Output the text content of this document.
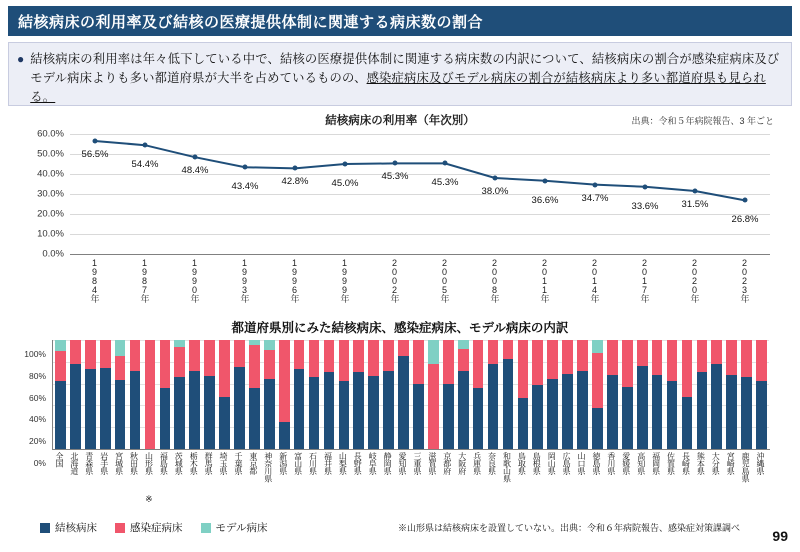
結核病床の利用率及び結核の医療提供体制に関連する病床数の割合
● 結核病床の利用率は年々低下している中で、結核の医療提供体制に関連する病床数の内訳について、結核病床の割合が感染症病床及びモデル病床よりも多い都道府県が大半を占めているものの、感染症病床及びモデル病床の割合が結核病床より多い都道府県も見られる。
結核病床の利用率（年次別）	出典：令和５年病院報告、3 年ごと
0.0%
10.0%
20.0%
30.0%
40.0%
50.0%
60.0%
56.5%
54.4%
48.4%
43.4% 42.8% 45.0%
45.3%
45.3%
38.0%
36.6% 34.7%
33.6% 31.5%
26.8%
1984年	1987年	1990年	1993年	1996年	1999年	2002年	2005年	2008年	2011年	2014年	2017年	2020年	2023年
都道府県別にみた結核病床、感染症病床、モデル病床の内訳
0%
20%
40%
60%
80%
100%
全国 北海道 青森県 岩手県 宮城県 秋田県 山形県
※
福島県 茨城県 栃木県 群馬県 埼玉県 千葉県 東京都 神奈川県 新潟県 富山県 石川県 福井県 山梨県 長野県 岐阜県 静岡県 愛知県 三重県 滋賀県 京都府 大阪府 兵庫県 奈良県 和歌山県 鳥取県 島根県 岡山県 広島県 山口県 徳島県 香川県 愛媛県 高知県 福岡県 佐賀県 長崎県 熊本県 大分県 宮崎県 鹿児島県 沖縄県
結核病床	感染症病床	モデル病床	※山形県は結核病床を設置していない。出典：令和６年病院報告、感染症対策課調べ 99
